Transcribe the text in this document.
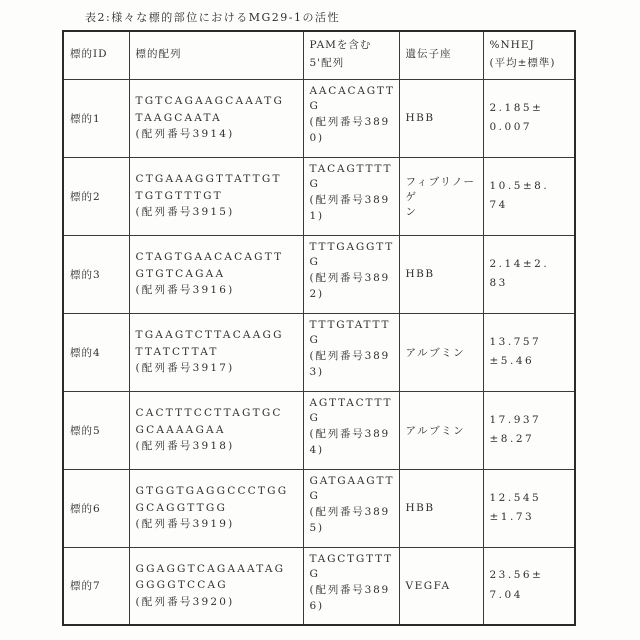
表2:様々な標的部位におけるMG29-1の活性
標的ID	標的配列	PAMを含む5'配列	遺伝子座	%NHEJ
(平均±標準)
標的1	TGTCAGAAGCAAATG
TAAGCAATA
(配列番号3914)	AACACAGTT
G
(配列番号389
0)	HBB	2.185±
0.007
標的2	CTGAAAGGTTATTGT
TGTGTTTGT
(配列番号3915)	TACAGTTTT
G
(配列番号389
1)	フィブリノーゲ
ン	10.5±8.
74
標的3	CTAGTGAACACAGTT
GTGTCAGAA
(配列番号3916)	TTTGAGGTT
G
(配列番号389
2)	HBB	2.14±2.
83
標的4	TGAAGTCTTACAAGG
TTATCTTAT
(配列番号3917)	TTTGTATTT
G
(配列番号389
3)	アルブミン	13.757
±5.46
標的5	CACTTTCCTTAGTGC
GCAAAAGAA
(配列番号3918)	AGTTACTTT
G
(配列番号389
4)	アルブミン	17.937
±8.27
標的6	GTGGTGAGGCCCTGG
GCAGGTTGG
(配列番号3919)	GATGAAGTT
G
(配列番号389
5)	HBB	12.545
±1.73
標的7	GGAGGTCAGAAATAG
GGGGTCCAG
(配列番号3920)	TAGCTGTTT
G
(配列番号389
6)	VEGFA	23.56±
7.04
